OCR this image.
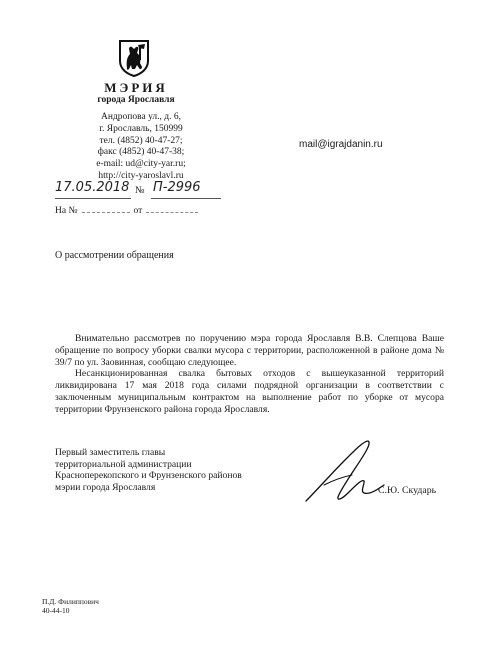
МЭРИЯ
города Ярославля
Андропова ул., д. 6,
г. Ярославль, 150999
тел. (4852) 40-47-27;
факс (4852) 40-47-38;
e-mail: ud@city-yar.ru;
http://city-yaroslavl.ru
mail@igrajdanin.ru
17.05.2018 № П-2996
На №	от
О рассмотрении обращения

Внимательно рассмотрев по поручению мэра города Ярославля В.В. Слепцова Ваше обращение по вопросу уборки свалки мусора с территории, расположенной в районе дома № 39/7 по ул. Заовинная, сообщаю следующее.

Несанкционированная свалка бытовых отходов с вышеуказанной территорий ликвидирована 17 мая 2018 года силами подрядной организации в соответствии с заключенным муниципальным контрактом на выполнение работ по уборке от мусора территории Фрунзенского района города Ярославля.

Первый заместитель главы
территориальной администрации
Красноперекопского и Фрунзенского районов
мэрии города Ярославля	С.Ю. Скударь
П.Д. Филиппович
40-44-10
